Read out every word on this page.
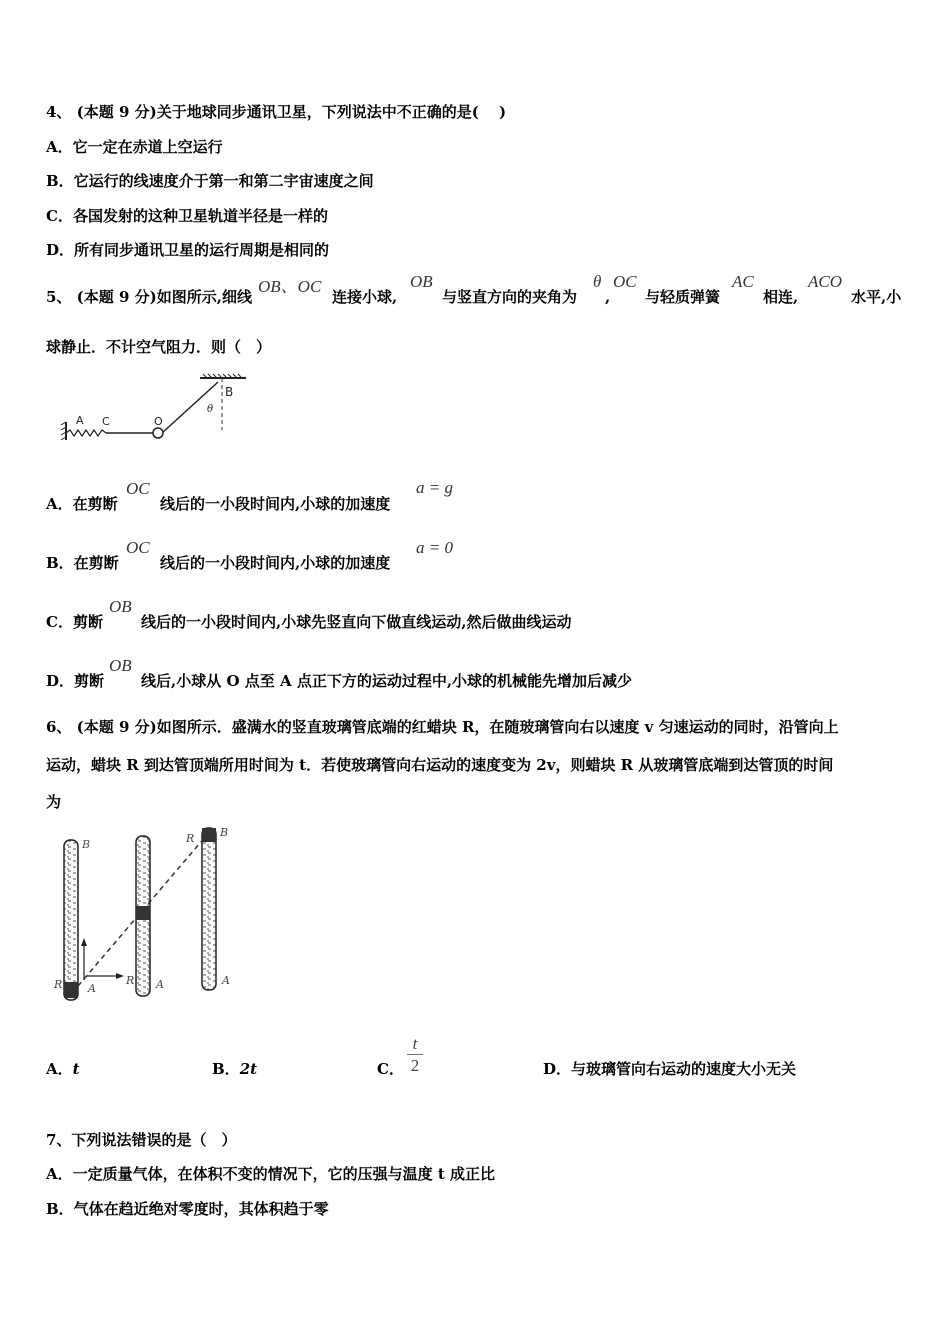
4、 (本题 9 分)关于地球同步通讯卫星，下列说法中不正确的是(　 )
A．它一定在赤道上空运行
B．它运行的线速度介于第一和第二宇宙速度之间
C．各国发射的这种卫星轨道半径是一样的
D．所有同步通讯卫星的运行周期是相同的
5、 (本题 9 分)如图所示,细线
OB、OC
连接小球,
OB
与竖直方向的夹角为
θ
,
OC
与轻质弹簧
AC
相连,
ACO
水平,小
球静止．不计空气阻力．则（　）
A C	O
B
θ
A．在剪断
OC
线后的一小段时间内,小球的加速度
a = g
B．在剪断
OC
线后的一小段时间内,小球的加速度
a = 0
C．剪断
OB
线后的一小段时间内,小球先竖直向下做直线运动,然后做曲线运动
D．剪断
OB
线后,小球从 O 点至 A 点正下方的运动过程中,小球的机械能先增加后减少
6、 (本题 9 分)如图所示．盛满水的竖直玻璃管底端的红蜡块 R，在随玻璃管向右以速度 v 匀速运动的同时，沿管向上
运动，蜡块 R 到达管顶端所用时间为 t．若使玻璃管向右运动的速度变为 2v，则蜡块 R 从玻璃管底端到达管顶的时间
为
B
R A
R A
R B
A
A．t	B．2t	C．
t
2	D．与玻璃管向右运动的速度大小无关
7、下列说法错误的是（　）
A．一定质量气体，在体积不变的情况下，它的压强与温度 t 成正比
B．气体在趋近绝对零度时，其体积趋于零
